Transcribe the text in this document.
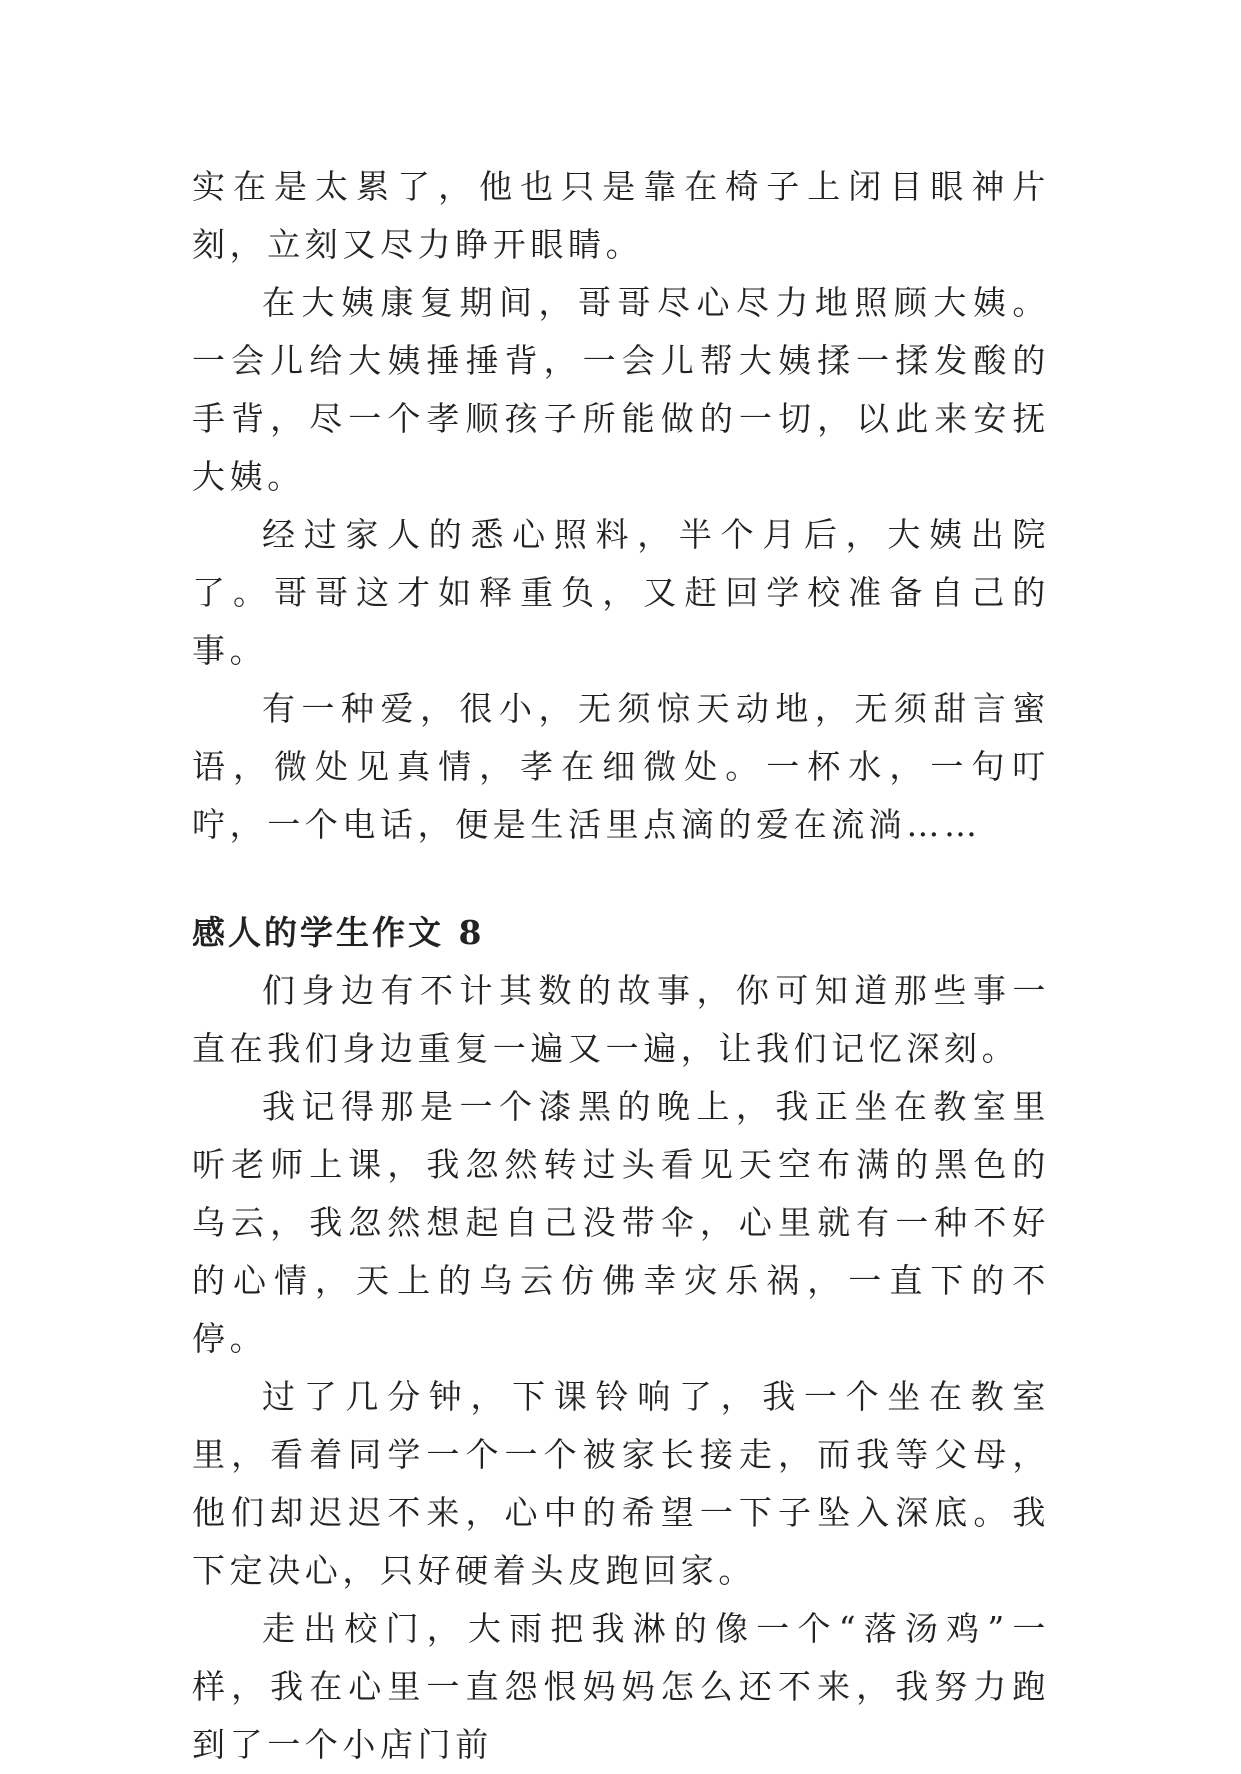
实在是太累了，他也只是靠在椅子上闭目眼神片刻，立刻又尽力睁开眼睛。

在大姨康复期间，哥哥尽心尽力地照顾大姨。一会儿给大姨捶捶背，一会儿帮大姨揉一揉发酸的手背，尽一个孝顺孩子所能做的一切，以此来安抚大姨。

经过家人的悉心照料，半个月后，大姨出院了。哥哥这才如释重负，又赶回学校准备自己的事。

有一种爱，很小，无须惊天动地，无须甜言蜜语，微处见真情，孝在细微处。一杯水，一句叮咛，一个电话，便是生活里点滴的爱在流淌……

感人的学生作文 8

们身边有不计其数的故事，你可知道那些事一直在我们身边重复一遍又一遍，让我们记忆深刻。

我记得那是一个漆黑的晚上，我正坐在教室里听老师上课，我忽然转过头看见天空布满的黑色的乌云，我忽然想起自己没带伞，心里就有一种不好的心情，天上的乌云仿佛幸灾乐祸，一直下的不停。

过了几分钟，下课铃响了，我一个坐在教室里，看着同学一个一个被家长接走，而我等父母，他们却迟迟不来，心中的希望一下子坠入深底。我下定决心，只好硬着头皮跑回家。

走出校门，大雨把我淋的像一个“落汤鸡”一样，我在心里一直怨恨妈妈怎么还不来，我努力跑到了一个小店门前
